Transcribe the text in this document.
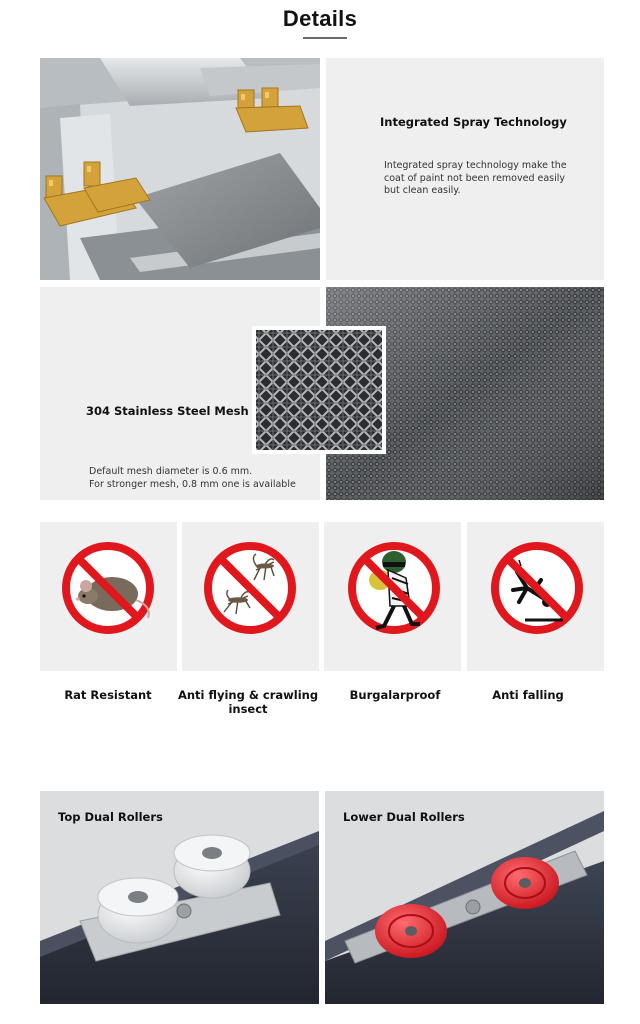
Details
Integrated Spray Technology
Integrated spray technology make the
coat of paint not been removed easily
but clean easily.
304 Stainless Steel Mesh
Default mesh diameter is 0.6 mm.
For stronger mesh, 0.8 mm one is available
Rat Resistant	Anti flying & crawling insect
Burgalarproof	Anti falling
Top Dual Rollers	Lower Dual Rollers
